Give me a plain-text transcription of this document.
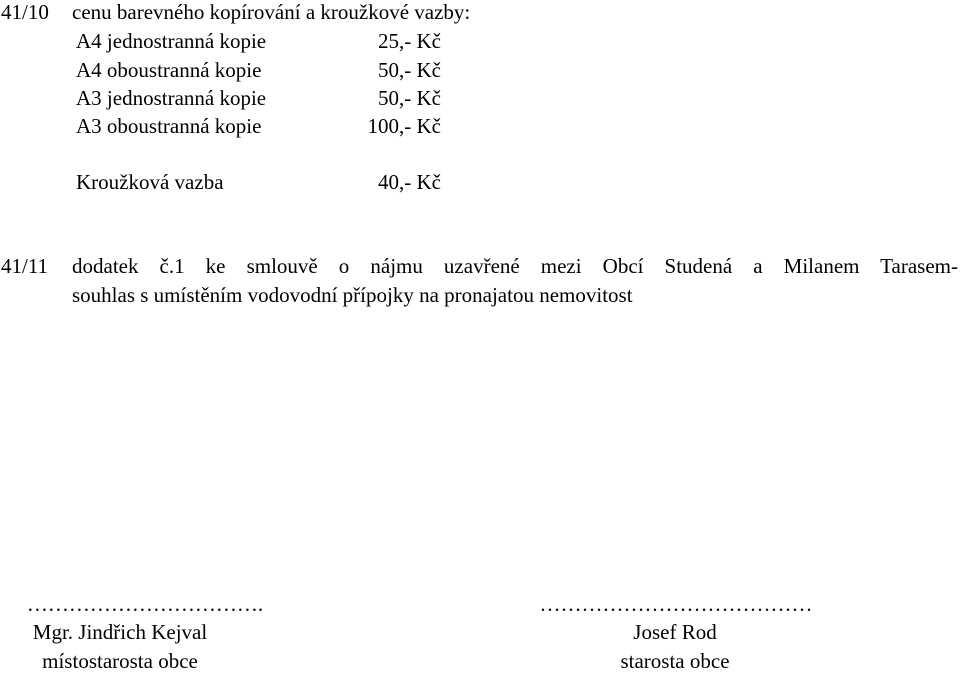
41/10 cenu barevného kopírování a kroužkové vazby:
A4 jednostranná kopie	25,- Kč
A4 oboustranná kopie	50,- Kč
A3 jednostranná kopie	50,- Kč
A3 oboustranná kopie	100,- Kč
Kroužková vazba	40,- Kč
41/11 dodatek č.1 ke smlouvě o nájmu uzavřené mezi Obcí Studená a Milanem Tarasem-
souhlas s umístěním vodovodní přípojky na pronajatou nemovitost
…………………………….
Mgr. Jindřich Kejval
místostarosta obce
…………………………………
Josef Rod
starosta obce
